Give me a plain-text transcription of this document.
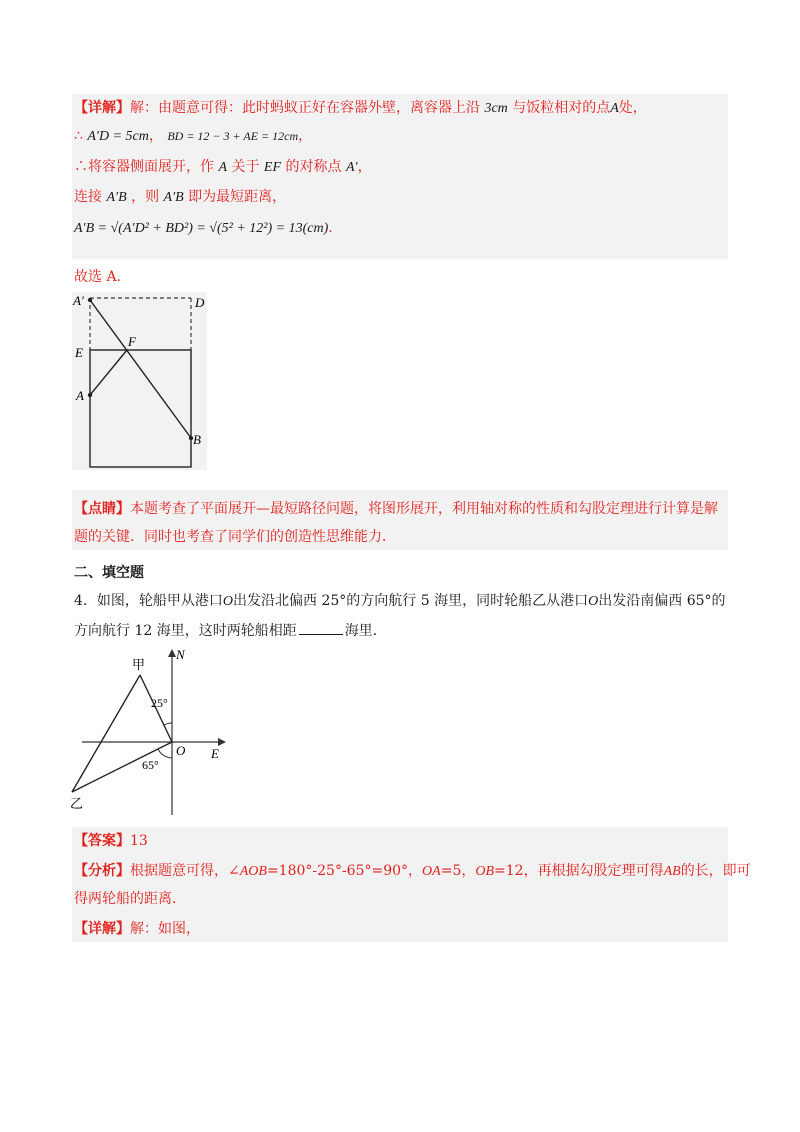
【详解】解：由题意可得：此时蚂蚁正好在容器外壁，离容器上沿 3cm 与饭粒相对的点A处，
∴ A′D = 5cm， BD = 12 − 3 + AE = 12cm，
∴将容器侧面展开，作 A 关于 EF 的对称点 A′，
连接 A′B ，则 A′B 即为最短距离，
A′B = √(A′D² + BD²) = √(5² + 12²) = 13(cm).
故选 A.
A′	D
E
F
A
B
【点睛】本题考查了平面展开—最短路径问题，将图形展开，利用轴对称的性质和勾股定理进行计算是解
题的关键．同时也考查了同学们的创造性思维能力．
二、填空题
4．如图，轮船甲从港口O出发沿北偏西 25°的方向航行 5 海里，同时轮船乙从港口O出发沿南偏西 65°的
方向航行 12 海里，这时两轮船相距	海里．
甲
乙
N
E
O
25°
65°
【答案】13
【分析】根据题意可得，∠AOB=180°-25°-65°=90°，OA=5，OB=12，再根据勾股定理可得AB的长，即可
得两轮船的距离．
【详解】解：如图，
